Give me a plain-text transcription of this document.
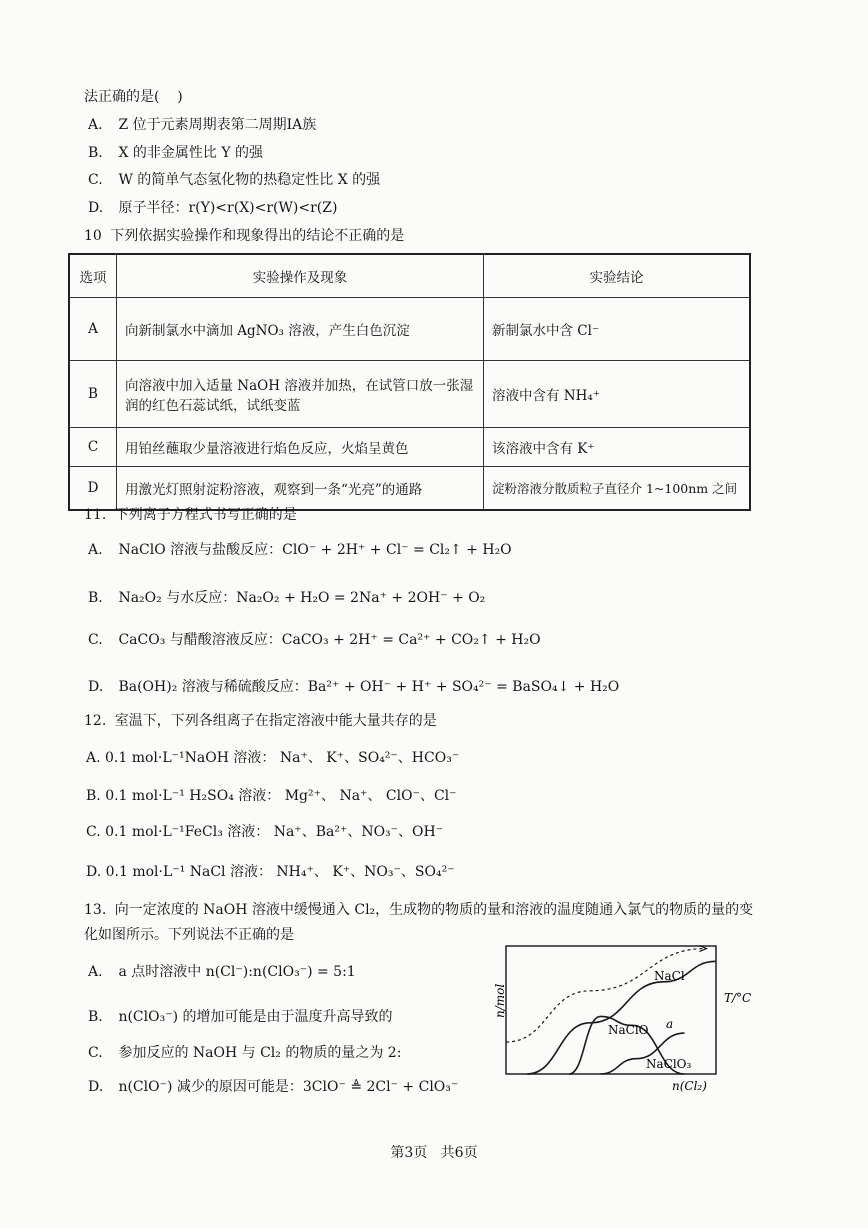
法正确的是(    )
A. Z 位于元素周期表第二周期ⅠA族
B. X 的非金属性比 Y 的强
C. W 的简单气态氢化物的热稳定性比 X 的强
D. 原子半径：r(Y)<r(X)<r(W)<r(Z)
10 下列依据实验操作和现象得出的结论不正确的是
选项	实验操作及现象	实验结论
A	向新制氯水中滴加 AgNO₃ 溶液，产生白色沉淀	新制氯水中含 Cl⁻
B	向溶液中加入适量 NaOH 溶液并加热，在试管口放一张湿润的红色石蕊试纸，试纸变蓝	溶液中含有 NH₄⁺
C	用铂丝蘸取少量溶液进行焰色反应，火焰呈黄色	该溶液中含有 K⁺
D	用激光灯照射淀粉溶液，观察到一条“光亮”的通路	淀粉溶液分散质粒子直径介 1~100nm 之间
11. 下列离子方程式书写正确的是
A. NaClO 溶液与盐酸反应：ClO⁻ + 2H⁺ + Cl⁻ = Cl₂↑ + H₂O
B. Na₂O₂ 与水反应：Na₂O₂ + H₂O = 2Na⁺ + 2OH⁻ + O₂
C. CaCO₃ 与醋酸溶液反应：CaCO₃ + 2H⁺ = Ca²⁺ + CO₂↑ + H₂O
D. Ba(OH)₂ 溶液与稀硫酸反应：Ba²⁺ + OH⁻ + H⁺ + SO₄²⁻ = BaSO₄↓ + H₂O
12. 室温下，下列各组离子在指定溶液中能大量共存的是
A. 0.1 mol·L⁻¹NaOH 溶液： Na⁺、 K⁺、SO₄²⁻、HCO₃⁻
B. 0.1 mol·L⁻¹ H₂SO₄ 溶液： Mg²⁺、 Na⁺、 ClO⁻、Cl⁻
C. 0.1 mol·L⁻¹FeCl₃ 溶液： Na⁺、Ba²⁺、NO₃⁻、OH⁻
D. 0.1 mol·L⁻¹ NaCl 溶液： NH₄⁺、 K⁺、NO₃⁻、SO₄²⁻
13. 向一定浓度的 NaOH 溶液中缓慢通入 Cl₂，生成物的物质的量和溶液的温度随通入氯气的物质的量的变
化如图所示。下列说法不正确的是
A. a 点时溶液中 n(Cl⁻):n(ClO₃⁻) = 5:1
B. n(ClO₃⁻) 的增加可能是由于温度升高导致的
C. 参加反应的 NaOH 与 Cl₂ 的物质的量之为 2:
D. n(ClO⁻) 减少的原因可能是：3ClO⁻ ≜ 2Cl⁻ + ClO₃⁻
n/mol	T/°C
n(Cl₂)
NaCl
NaClO
NaClO₃
a
第3页   共6页
